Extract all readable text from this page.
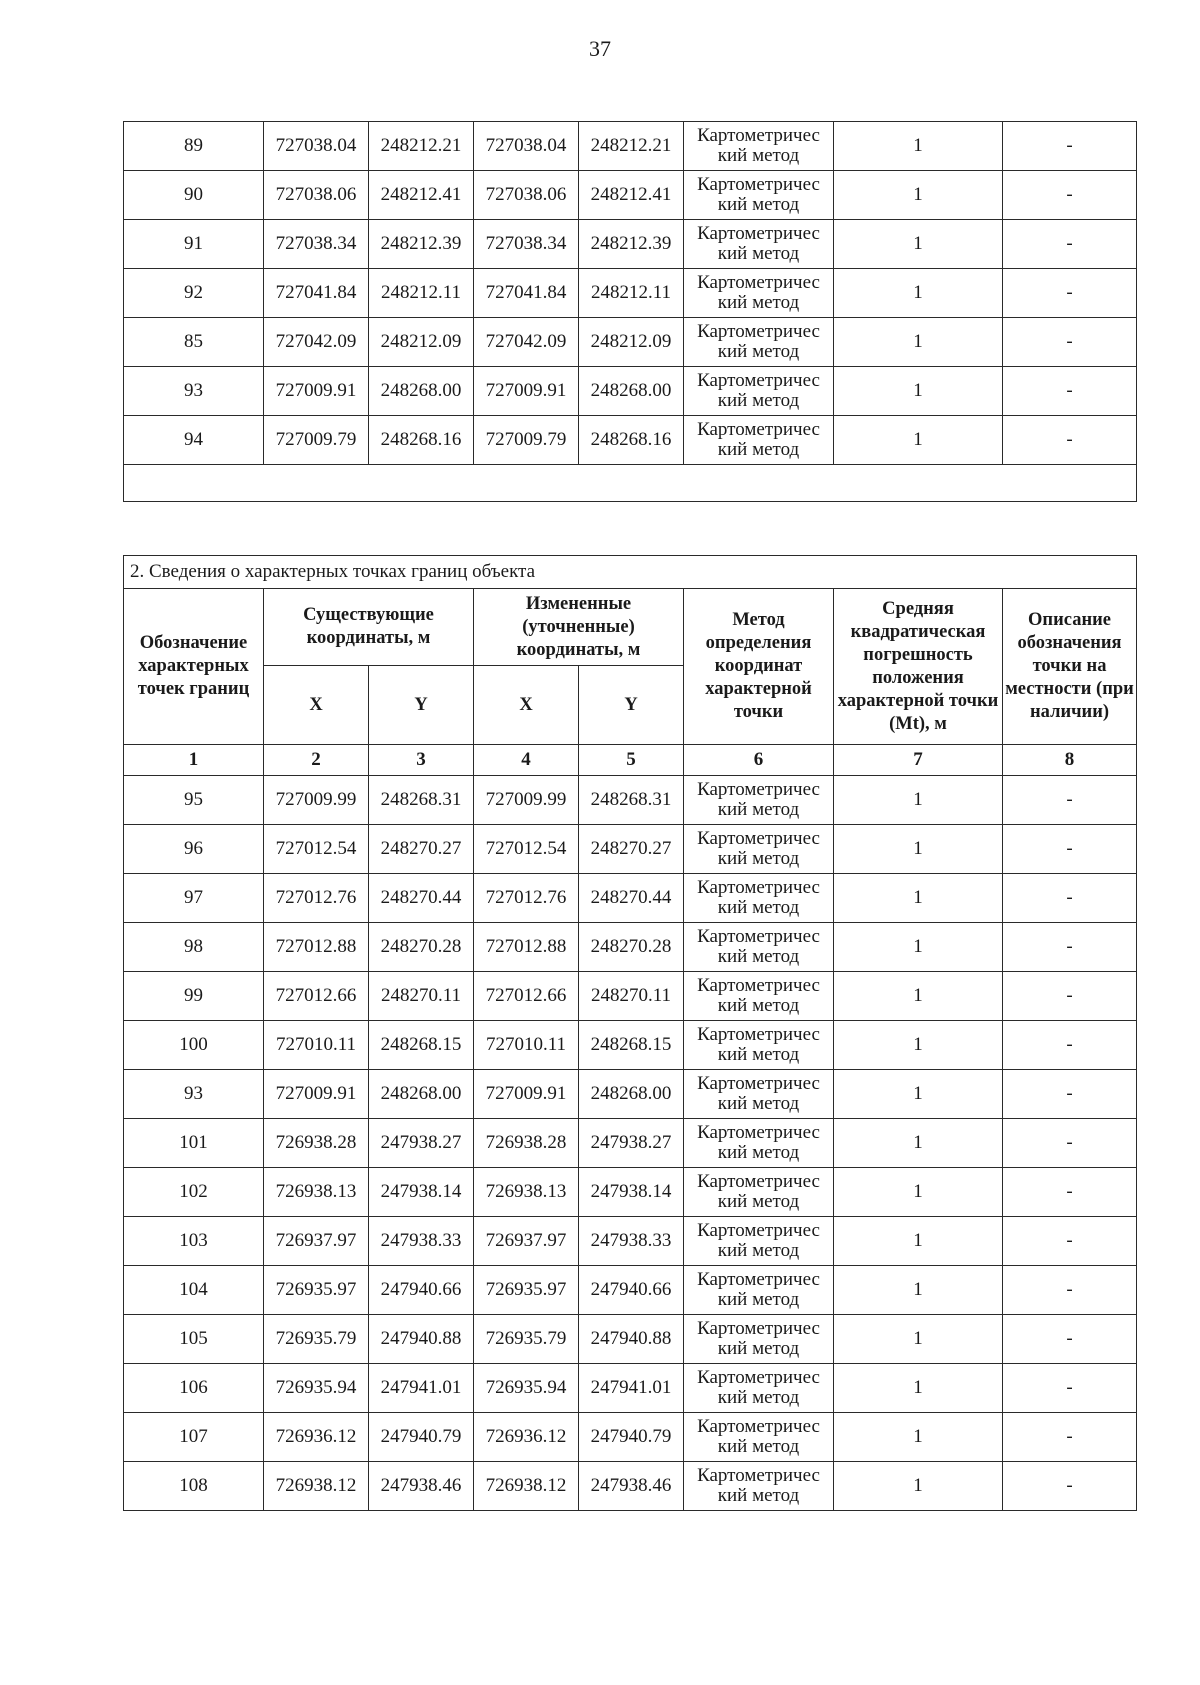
37
89	727038.04	248212.21	727038.04	248212.21	Картометричес
кий метод	1	-
90	727038.06	248212.41	727038.06	248212.41	Картометричес
кий метод	1	-
91	727038.34	248212.39	727038.34	248212.39	Картометричес
кий метод	1	-
92	727041.84	248212.11	727041.84	248212.11	Картометричес
кий метод	1	-
85	727042.09	248212.09	727042.09	248212.09	Картометричес
кий метод	1	-
93	727009.91	248268.00	727009.91	248268.00	Картометричес
кий метод	1	-
94	727009.79	248268.16	727009.79	248268.16	Картометричес
кий метод	1	-

2. Сведения о характерных точках границ объекта							
Обозначение характерных точек границ	Существующие координаты, м		Измененные (уточненные) координаты, м		Метод определения координат характерной точки	Средняя квадратическая погрешность положения характерной точки (Mt), м	Описание обозначения точки на местности (при наличии)
	X	Y	X	Y			
1	2	3	4	5	6	7	8
95	727009.99	248268.31	727009.99	248268.31	Картометричес
кий метод	1	-
96	727012.54	248270.27	727012.54	248270.27	Картометричес
кий метод	1	-
97	727012.76	248270.44	727012.76	248270.44	Картометричес
кий метод	1	-
98	727012.88	248270.28	727012.88	248270.28	Картометричес
кий метод	1	-
99	727012.66	248270.11	727012.66	248270.11	Картометричес
кий метод	1	-
100	727010.11	248268.15	727010.11	248268.15	Картометричес
кий метод	1	-
93	727009.91	248268.00	727009.91	248268.00	Картометричес
кий метод	1	-
101	726938.28	247938.27	726938.28	247938.27	Картометричес
кий метод	1	-
102	726938.13	247938.14	726938.13	247938.14	Картометричес
кий метод	1	-
103	726937.97	247938.33	726937.97	247938.33	Картометричес
кий метод	1	-
104	726935.97	247940.66	726935.97	247940.66	Картометричес
кий метод	1	-
105	726935.79	247940.88	726935.79	247940.88	Картометричес
кий метод	1	-
106	726935.94	247941.01	726935.94	247941.01	Картометричес
кий метод	1	-
107	726936.12	247940.79	726936.12	247940.79	Картометричес
кий метод	1	-
108	726938.12	247938.46	726938.12	247938.46	Картометричес
кий метод	1	-
